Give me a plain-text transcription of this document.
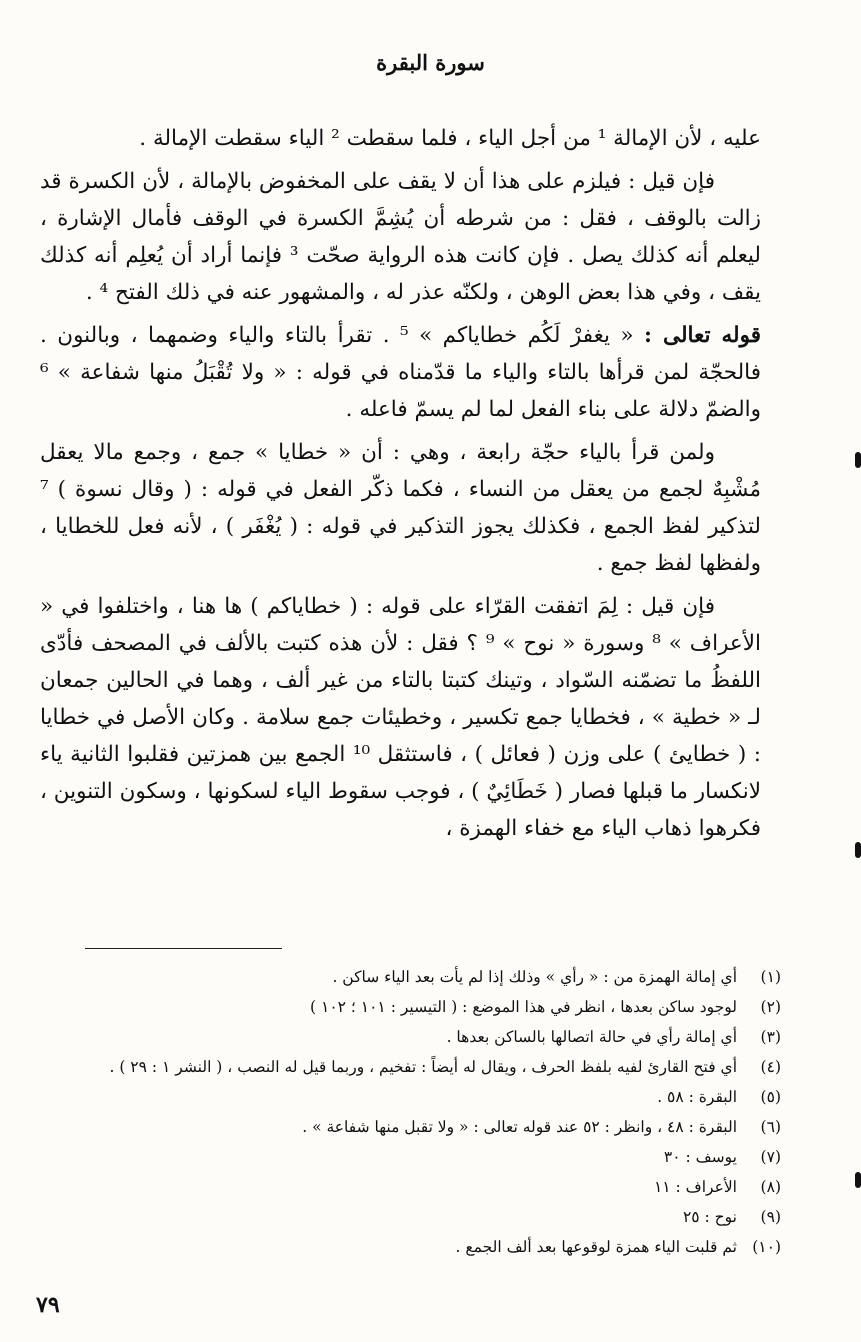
سورة البقرة

عليه ، لأن الإمالة ¹ من أجل الياء ، فلما سقطت ² الياء سقطت الإمالة .

فإن قيل : فيلزم على هذا أن لا يقف على المخفوض بالإمالة ، لأن الكسرة قد زالت بالوقف ، فقل : من شرطه أن يُشِمَّ الكسرة في الوقف فأمال الإشارة ، ليعلم أنه كذلك يصل . فإن كانت هذه الرواية صحّت ³ فإنما أراد أن يُعلِم أنه كذلك يقف ، وفي هذا بعض الوهن ، ولكنّه عذر له ، والمشهور عنه في ذلك الفتح ⁴ .

قوله تعالى : « يغفرْ لَكُم خطاياكم » ⁵ . تقرأ بالتاء والياء وضمهما ، وبالنون . فالحجّة لمن قرأها بالتاء والياء ما قدّمناه في قوله : « ولا تُقْبَلُ منها شفاعة » ⁶ والضمّ دلالة على بناء الفعل لما لم يسمّ فاعله .

ولمن قرأ بالياء حجّة رابعة ، وهي : أن « خطايا » جمع ، وجمع مالا يعقل مُشْبِهٌ لجمع من يعقل من النساء ، فكما ذكّر الفعل في قوله : ( وقال نسوة ) ⁷ لتذكير لفظ الجمع ، فكذلك يجوز التذكير في قوله : ( يُغْفَر ) ، لأنه فعل للخطايا ، ولفظها لفظ جمع .

فإن قيل : لِمَ اتفقت القرّاء على قوله : ( خطاياكم ) ها هنا ، واختلفوا في « الأعراف » ⁸ وسورة « نوح » ⁹ ؟ فقل : لأن هذه كتبت بالألف في المصحف فأدّى اللفظُ ما تضمّنه السّواد ، وتينك كتبتا بالتاء من غير ألف ، وهما في الحالين جمعان لـ « خطية » ، فخطايا جمع تكسير ، وخطيئات جمع سلامة . وكان الأصل في خطايا : ( خطايئ ) على وزن ( فعائل ) ، فاستثقل ¹⁰ الجمع بين همزتين فقلبوا الثانية ياء لانكسار ما قبلها فصار ( خَطَائِيٌ ) ، فوجب سقوط الياء لسكونها ، وسكون التنوين ، فكرهوا ذهاب الياء مع خفاء الهمزة ،

(١)
أي إمالة الهمزة من : « رأي » وذلك إذا لم يأت بعد الياء ساكن .
(٢)
لوجود ساكن بعدها ، انظر في هذا الموضع : ( التيسير : ١٠١ ؛ ١٠٢ )
(٣)
أي إمالة رأي في حالة اتصالها بالساكن بعدها .
(٤)
أي فتح القارئ لفيه بلفظ الحرف ، ويقال له أيضاً : تفخيم ، وربما قيل له النصب ، ( النشر ١ : ٢٩ ) .
(٥)
البقرة : ٥٨ .
(٦)
البقرة : ٤٨ ، وانظر : ٥٢ عند قوله تعالى : « ولا تقبل منها شفاعة » .
(٧)
يوسف : ٣٠
(٨)
الأعراف : ١١
(٩)
نوح : ٢٥
(١٠)
ثم قلبت الياء همزة لوقوعها بعد ألف الجمع .
٧٩
